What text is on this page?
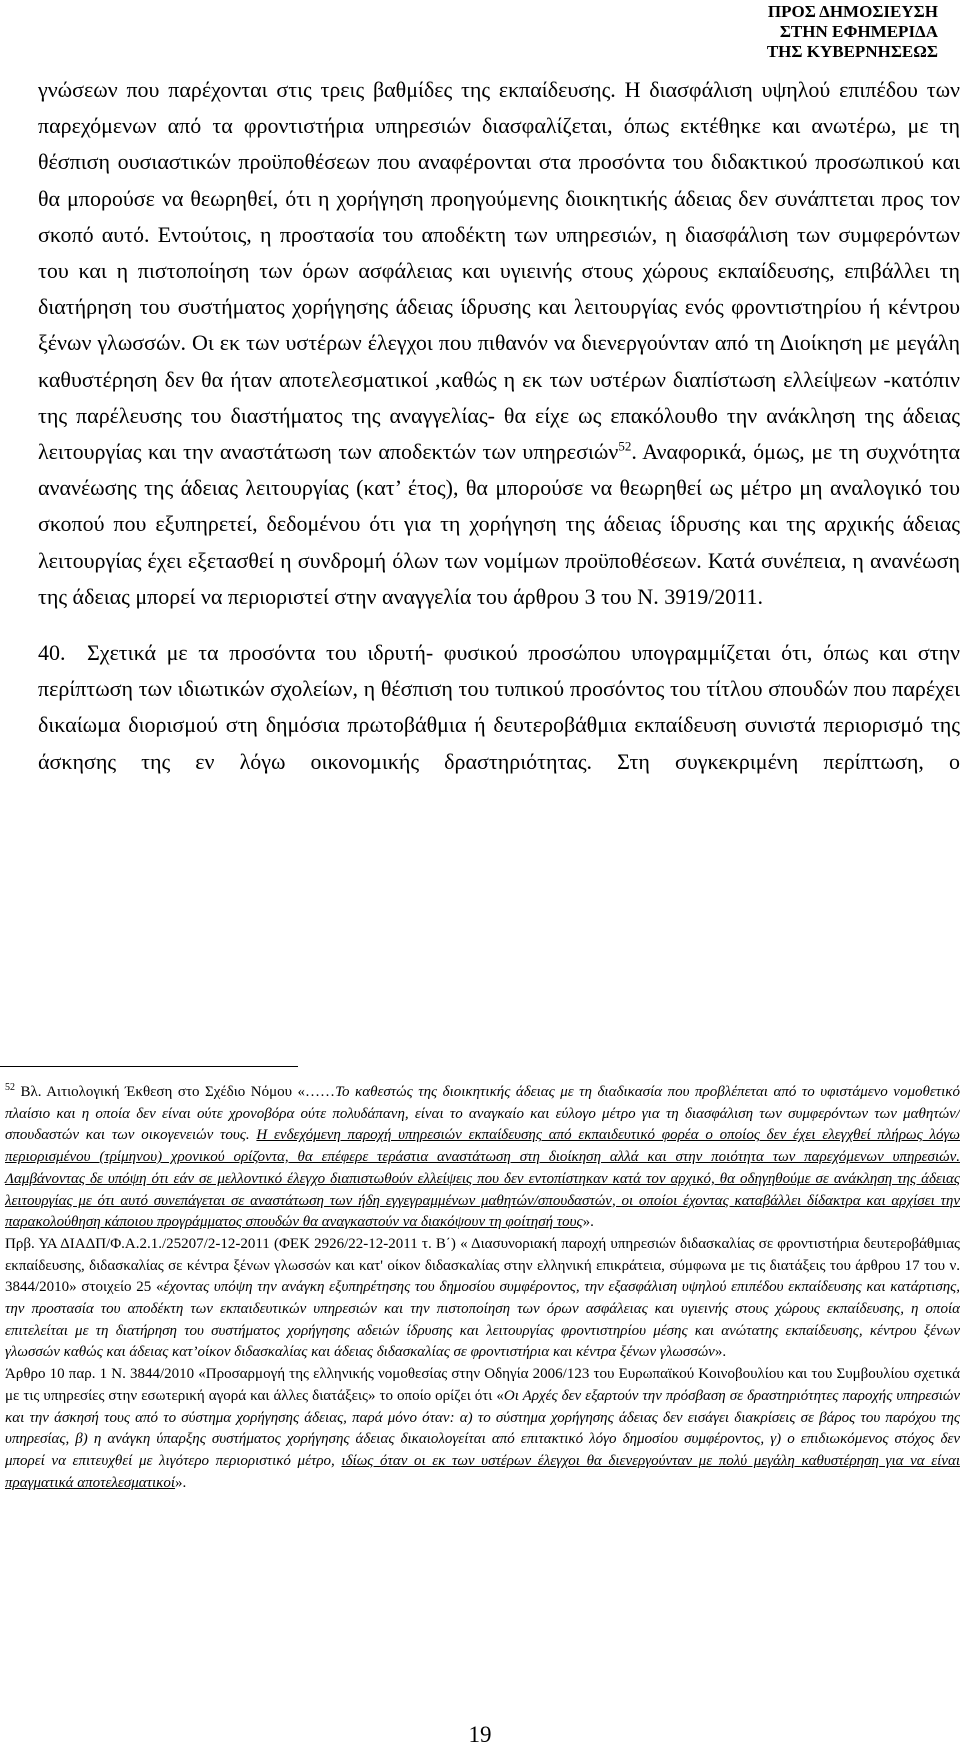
ΠΡΟΣ ΔΗΜΟΣΙΕΥΣΗ
ΣΤΗΝ ΕΦΗΜΕΡΙΔΑ
ΤΗΣ ΚΥΒΕΡΝΗΣΕΩΣ

γνώσεων που παρέχονται στις τρεις βαθμίδες της εκπαίδευσης. Η διασφάλιση υψηλού επιπέδου των παρεχόμενων από τα φροντιστήρια υπηρεσιών διασφαλίζεται, όπως εκτέθηκε και ανωτέρω, με τη θέσπιση ουσιαστικών προϋποθέσεων που αναφέρονται στα προσόντα του διδακτικού προσωπικού και θα μπορούσε να θεωρηθεί, ότι η χορήγηση προηγούμενης διοικητικής άδειας δεν συνάπτεται προς τον σκοπό αυτό. Εντούτοις, η προστασία του αποδέκτη των υπηρεσιών, η διασφάλιση των συμφερόντων του και η πιστοποίηση των όρων ασφάλειας και υγιεινής στους χώρους εκπαίδευσης, επιβάλλει τη διατήρηση του συστήματος χορήγησης άδειας ίδρυσης και λειτουργίας ενός φροντιστηρίου ή κέντρου ξένων γλωσσών. Οι εκ των υστέρων έλεγχοι που πιθανόν να διενεργούνταν από τη Διοίκηση με μεγάλη καθυστέρηση δεν θα ήταν αποτελεσματικοί ,καθώς η εκ των υστέρων διαπίστωση ελλείψεων -κατόπιν της παρέλευσης του διαστήματος της αναγγελίας- θα είχε ως επακόλουθο την ανάκληση της άδειας λειτουργίας και την αναστάτωση των αποδεκτών των υπηρεσιών$^{52}$. Αναφορικά, όμως, με τη συχνότητα ανανέωσης της άδειας λειτουργίας (κατ’ έτος), θα μπορούσε να θεωρηθεί ως μέτρο μη αναλογικό του σκοπού που εξυπηρετεί, δεδομένου ότι για τη χορήγηση της άδειας ίδρυσης και της αρχικής άδειας λειτουργίας έχει εξετασθεί η συνδρομή όλων των νομίμων προϋποθέσεων. Κατά συνέπεια, η ανανέωση της άδειας μπορεί να περιοριστεί στην αναγγελία του άρθρου 3 του Ν. 3919/2011.

40. Σχετικά με τα προσόντα του ιδρυτή- φυσικού προσώπου υπογραμμίζεται ότι, όπως και στην περίπτωση των ιδιωτικών σχολείων, η θέσπιση του τυπικού προσόντος του τίτλου σπουδών που παρέχει δικαίωμα διορισμού στη δημόσια πρωτοβάθμια ή δευτεροβάθμια εκπαίδευση συνιστά περιορισμό της άσκησης της εν λόγω οικονομικής δραστηριότητας. Στη συγκεκριμένη περίπτωση, ο

$^{52}$ Βλ. Αιτιολογική Έκθεση στο Σχέδιο Νόμου «……Το καθεστώς της διοικητικής άδειας με τη διαδικασία που προβλέπεται από το υφιστάμενο νομοθετικό πλαίσιο και η οποία δεν είναι ούτε χρονοβόρα ούτε πολυδάπανη, είναι το αναγκαίο και εύλογο μέτρο για τη διασφάλιση των συμφερόντων των μαθητών/σπουδαστών και των οικογενειών τους. Η ενδεχόμενη παροχή υπηρεσιών εκπαίδευσης από εκπαιδευτικό φορέα ο οποίος δεν έχει ελεγχθεί πλήρως λόγω περιορισμένου (τρίμηνου) χρονικού ορίζοντα, θα επέφερε τεράστια αναστάτωση στη διοίκηση αλλά και στην ποιότητα των παρεχόμενων υπηρεσιών. Λαμβάνοντας δε υπόψη ότι εάν σε μελλοντικό έλεγχο διαπιστωθούν ελλείψεις που δεν εντοπίστηκαν κατά τον αρχικό, θα οδηγηθούμε σε ανάκληση της άδειας λειτουργίας με ότι αυτό συνεπάγεται σε αναστάτωση των ήδη εγγεγραμμένων μαθητών/σπουδαστών, οι οποίοι έχοντας καταβάλλει δίδακτρα και αρχίσει την παρακολούθηση κάποιου προγράμματος σπουδών θα αναγκαστούν να διακόψουν τη φοίτησή τους».

Πρβ. ΥΑ ΔΙΑΔΠ/Φ.Α.2.1./25207/2-12-2011 (ΦΕΚ 2926/22-12-2011 τ. Β΄) « Διασυνοριακή παροχή υπηρεσιών διδασκαλίας σε φροντιστήρια δευτεροβάθμιας εκπαίδευσης, διδασκαλίας σε κέντρα ξένων γλωσσών και κατ' οίκον διδασκαλίας στην ελληνική επικράτεια, σύμφωνα με τις διατάξεις του άρθρου 17 του ν. 3844/2010» στοιχείο 25 «έχοντας υπόψη την ανάγκη εξυπηρέτησης του δημοσίου συμφέροντος, την εξασφάλιση υψηλού επιπέδου εκπαίδευσης και κατάρτισης, την προστασία του αποδέκτη των εκπαιδευτικών υπηρεσιών και την πιστοποίηση των όρων ασφάλειας και υγιεινής στους χώρους εκπαίδευσης, η οποία επιτελείται με τη διατήρηση του συστήματος χορήγησης αδειών ίδρυσης και λειτουργίας φροντιστηρίου μέσης και ανώτατης εκπαίδευσης, κέντρου ξένων γλωσσών καθώς και άδειας κατ’οίκον διδασκαλίας και άδειας διδασκαλίας σε φροντιστήρια και κέντρα ξένων γλωσσών».

Άρθρο 10 παρ. 1 Ν. 3844/2010 «Προσαρμογή της ελληνικής νομοθεσίας στην Οδηγία 2006/123 του Ευρωπαϊκού Κοινοβουλίου και του Συμβουλίου σχετικά με τις υπηρεσίες στην εσωτερική αγορά και άλλες διατάξεις» το οποίο ορίζει ότι «Οι Αρχές δεν εξαρτούν την πρόσβαση σε δραστηριότητες παροχής υπηρεσιών και την άσκησή τους από το σύστημα χορήγησης άδειας, παρά μόνο όταν: α) το σύστημα χορήγησης άδειας δεν εισάγει διακρίσεις σε βάρος του παρόχου της υπηρεσίας, β) η ανάγκη ύπαρξης συστήματος χορήγησης άδειας δικαιολογείται από επιτακτικό λόγο δημοσίου συμφέροντος, γ) ο επιδιωκόμενος στόχος δεν μπορεί να επιτευχθεί με λιγότερο περιοριστικό μέτρο, ιδίως όταν οι εκ των υστέρων έλεγχοι θα διενεργούνταν με πολύ μεγάλη καθυστέρηση για να είναι πραγματικά αποτελεσματικοί».

19
